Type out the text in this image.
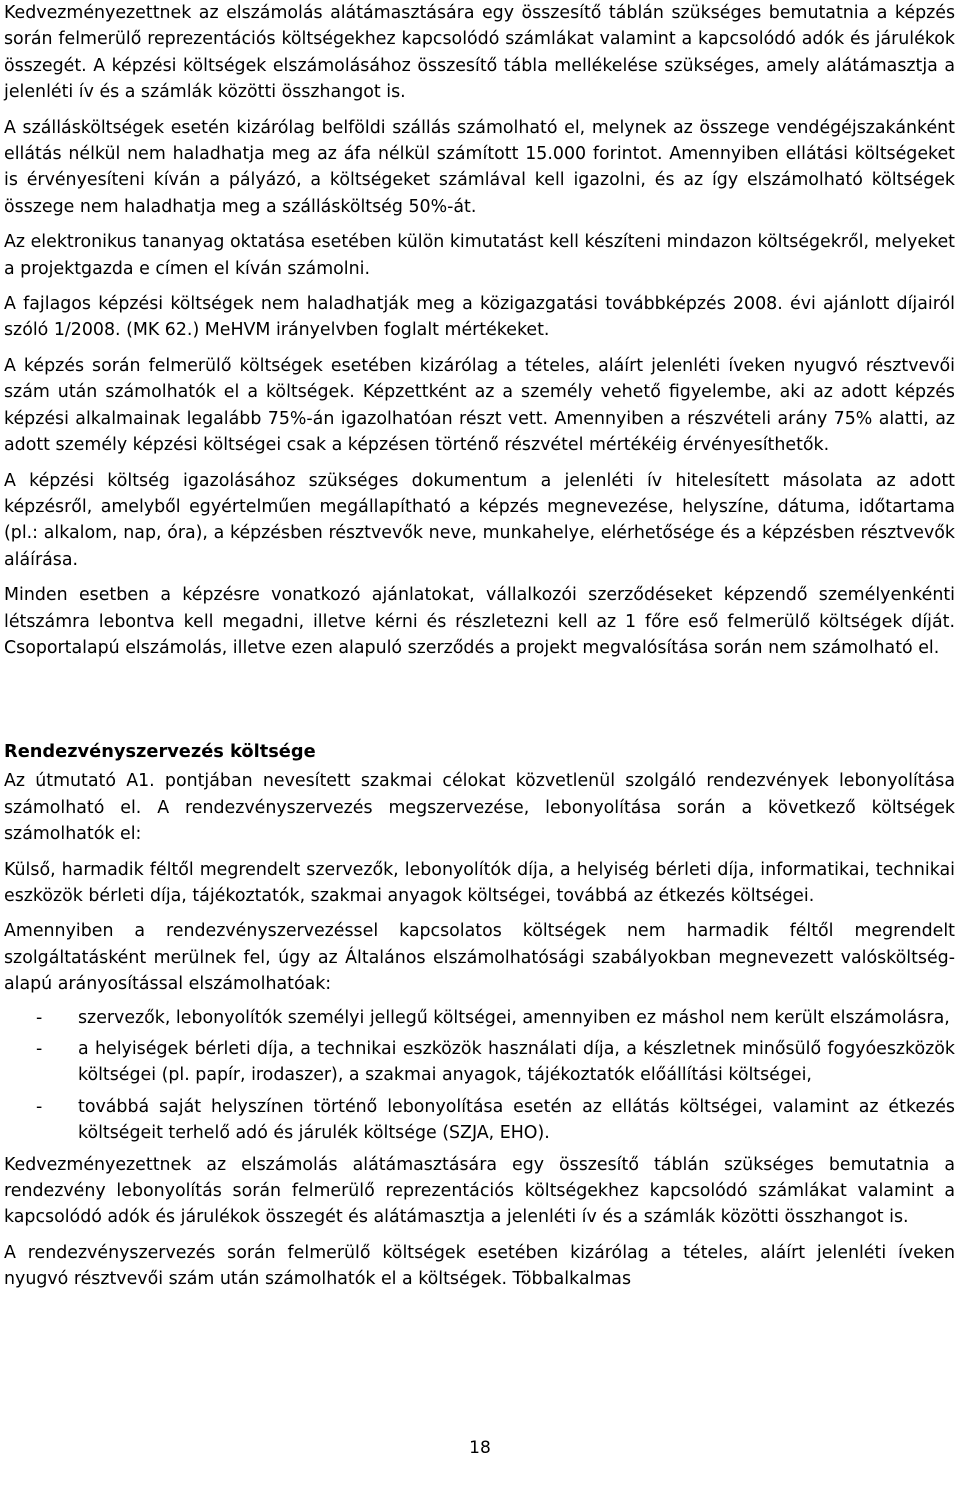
Kedvezményezettnek az elszámolás alátámasztására egy összesítő táblán szükséges bemutatnia a képzés során felmerülő reprezentációs költségekhez kapcsolódó számlákat valamint a kapcsolódó adók és járulékok összegét. A képzési költségek elszámolásához összesítő tábla mellékelése szükséges, amely alátámasztja a jelenléti ív és a számlák közötti összhangot is.

A szállásköltségek esetén kizárólag belföldi szállás számolható el, melynek az összege vendégéjszakánként ellátás nélkül nem haladhatja meg az áfa nélkül számított 15.000 forintot. Amennyiben ellátási költségeket is érvényesíteni kíván a pályázó, a költségeket számlával kell igazolni, és az így elszámolható költségek összege nem haladhatja meg a szállásköltség 50%-át.

Az elektronikus tananyag oktatása esetében külön kimutatást kell készíteni mindazon költségekről, melyeket a projektgazda e címen el kíván számolni.

A fajlagos képzési költségek nem haladhatják meg a közigazgatási továbbképzés 2008. évi ajánlott díjairól szóló 1/2008. (MK 62.) MeHVM irányelvben foglalt mértékeket.

A képzés során felmerülő költségek esetében kizárólag a tételes, aláírt jelenléti íveken nyugvó résztvevői szám után számolhatók el a költségek. Képzettként az a személy vehető figyelembe, aki az adott képzés képzési alkalmainak legalább 75%-án igazolhatóan részt vett. Amennyiben a részvételi arány 75% alatti, az adott személy képzési költségei csak a képzésen történő részvétel mértékéig érvényesíthetők.

A képzési költség igazolásához szükséges dokumentum a jelenléti ív hitelesített másolata az adott képzésről, amelyből egyértelműen megállapítható a képzés megnevezése, helyszíne, dátuma, időtartama (pl.: alkalom, nap, óra), a képzésben résztvevők neve, munkahelye, elérhetősége és a képzésben résztvevők aláírása.

Minden esetben a képzésre vonatkozó ajánlatokat, vállalkozói szerződéseket képzendő személyenkénti létszámra lebontva kell megadni, illetve kérni és részletezni kell az 1 főre eső felmerülő költségek díját. Csoportalapú elszámolás, illetve ezen alapuló szerződés a projekt megvalósítása során nem számolható el.

Rendezvényszervezés költsége

Az útmutató A1. pontjában nevesített szakmai célokat közvetlenül szolgáló rendezvények lebonyolítása számolható el. A rendezvényszervezés megszervezése, lebonyolítása során a következő költségek számolhatók el:

Külső, harmadik féltől megrendelt szervezők, lebonyolítók díja, a helyiség bérleti díja, informatikai, technikai eszközök bérleti díja, tájékoztatók, szakmai anyagok költségei, továbbá az étkezés költségei.

Amennyiben a rendezvényszervezéssel kapcsolatos költségek nem harmadik féltől megrendelt szolgáltatásként merülnek fel, úgy az Általános elszámolhatósági szabályokban megnevezett valósköltség-alapú arányosítással elszámolhatóak:

- szervezők, lebonyolítók személyi jellegű költségei, amennyiben ez máshol nem került elszámolásra,
- a helyiségek bérleti díja, a technikai eszközök használati díja, a készletnek minősülő fogyóeszközök költségei (pl. papír, irodaszer), a szakmai anyagok, tájékoztatók előállítási költségei,
- továbbá saját helyszínen történő lebonyolítása esetén az ellátás költségei, valamint az étkezés költségeit terhelő adó és járulék költsége (SZJA, EHO).

Kedvezményezettnek az elszámolás alátámasztására egy összesítő táblán szükséges bemutatnia a rendezvény lebonyolítás során felmerülő reprezentációs költségekhez kapcsolódó számlákat valamint a kapcsolódó adók és járulékok összegét és alátámasztja a jelenléti ív és a számlák közötti összhangot is.

A rendezvényszervezés során felmerülő költségek esetében kizárólag a tételes, aláírt jelenléti íveken nyugvó résztvevői szám után számolhatók el a költségek. Többalkalmas

18
